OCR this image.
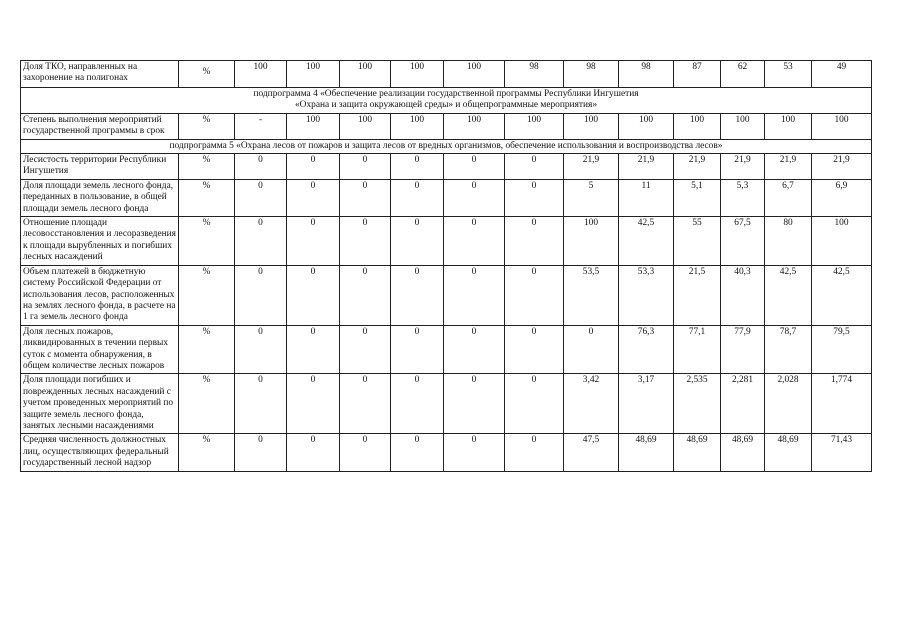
Доля ТКО, направленных на захоронение на полигонах	%	100	100	100	100	100	98	98	98	87	62	53	49

подпрограмма 4 «Обеспечение реализации государственной программы Республики Ингушетия
«Охрана и защита окружающей среды» и общепрограммные мероприятия»													

Степень выполнения мероприятий государственной программы в срок	%	-	100	100	100	100	100	100	100	100	100	100	100

подпрограмма 5 «Охрана лесов от пожаров и защита лесов от вредных организмов, обеспечение использования и воспроизводства лесов»													

Лесистость территории Республики Ингушетия	%	0	0	0	0	0	0	21,9	21,9	21,9	21,9	21,9	21,9
Доля площади земель лесного фонда, переданных в пользование, в общей площади земель лесного фонда	%	0	0	0	0	0	0	5	11	5,1	5,3	6,7	6,9
Отношение площади лесовосстановления и лесоразведения к площади вырубленных и погибших лесных насаждений	%	0	0	0	0	0	0	100	42,5	55	67,5	80	100
Объем платежей в бюджетную систему Российской Федерации от использования лесов, расположенных на землях лесного фонда, в расчете на 1 га земель лесного фонда	%	0	0	0	0	0	0	53,5	53,3	21,5	40,3	42,5	42,5
Доля лесных пожаров, ликвидированных в течении первых суток с момента обнаружения, в общем количестве лесных пожаров	%	0	0	0	0	0	0	0	76,3	77,1	77,9	78,7	79,5
Доля площади погибших и поврежденных лесных насаждений с учетом проведенных мероприятий по защите земель лесного фонда, занятых лесными насаждениями	%	0	0	0	0	0	0	3,42	3,17	2,535	2,281	2,028	1,774
Средняя численность должностных лиц, осуществляющих федеральный государственный лесной надзор	%	0	0	0	0	0	0	47,5	48,69	48,69	48,69	48,69	71,43
